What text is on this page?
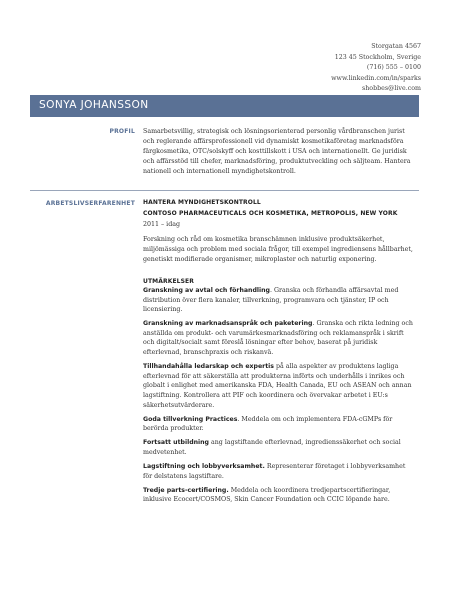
Storgatan 4567
123 45 Stockholm, Sverige
(716) 555 – 0100
www.linkedin.com/in/sparks
shobbes@live.com
SONYA JOHANSSON
PROFIL Samarbetsvillig, strategisk och lösningsorienterad personlig vårdbranschen jurist och reglerande affärsprofessionell vid dynamiskt kosmetikaföretag marknadsföra färgkosmetika, OTC/solskyff och kosttillskott i USA och internationellt. Ge juridisk och affärsstöd till chefer, marknadsföring, produktutveckling och säljteam. Hantera nationell och internationell myndighetskontroll.
ARBETSLIVSERFARENHET HANTERA MYNDIGHETSKONTROLL
CONTOSO PHARMACEUTICALS OCH KOSMETIKA, METROPOLIS, NEW YORK
2011 – idag
Forskning och råd om kosmetika branschämnen inklusive produktsäkerhet, miljömässiga och problem med sociala frågor, till exempel ingrediensens hållbarhet, genetiskt modifierade organismer, mikroplaster och naturlig exponering.
UTMÄRKELSER
Granskning av avtal och förhandling. Granska och förhandla affärsavtal med distribution över flera kanaler, tillverkning, programvara och tjänster, IP och licensiering.
Granskning av marknadsanspråk och paketering. Granska och rikta ledning och anställda om produkt- och varumärkesmarknadsföring och reklamanspråk i skrift och digitalt/socialt samt föreslå lösningar efter behov, baserat på juridisk efterlevnad, branschpraxis och riskanvä.
Tillhandahålla ledarskap och expertis på alla aspekter av produktens lagliga efterlevnad för att säkerställa att produkterna införts och underhålls i inrikes och globalt i enlighet med amerikanska FDA, Health Canada, EU och ASEAN och annan lagstiftning. Kontrollera att PIF och koordinera och övervakar arbetet i EU:s säkerhetsutvärderare.
Goda tillverkning Practices. Meddela om och implementera FDA-cGMPs för berörda produkter.
Fortsatt utbildning ang lagstiftande efterlevnad, ingredienssäkerhet och social medvetenhet.
Lagstiftning och lobbyverksamhet. Representerar företaget i lobbyverksamhet för delstatens lagstiftare.
Tredje parts-certifiering. Meddela och koordinera tredjepartscertifieringar, inklusive Ecocert/COSMOS, Skin Cancer Foundation och CCIC löpande hare.
